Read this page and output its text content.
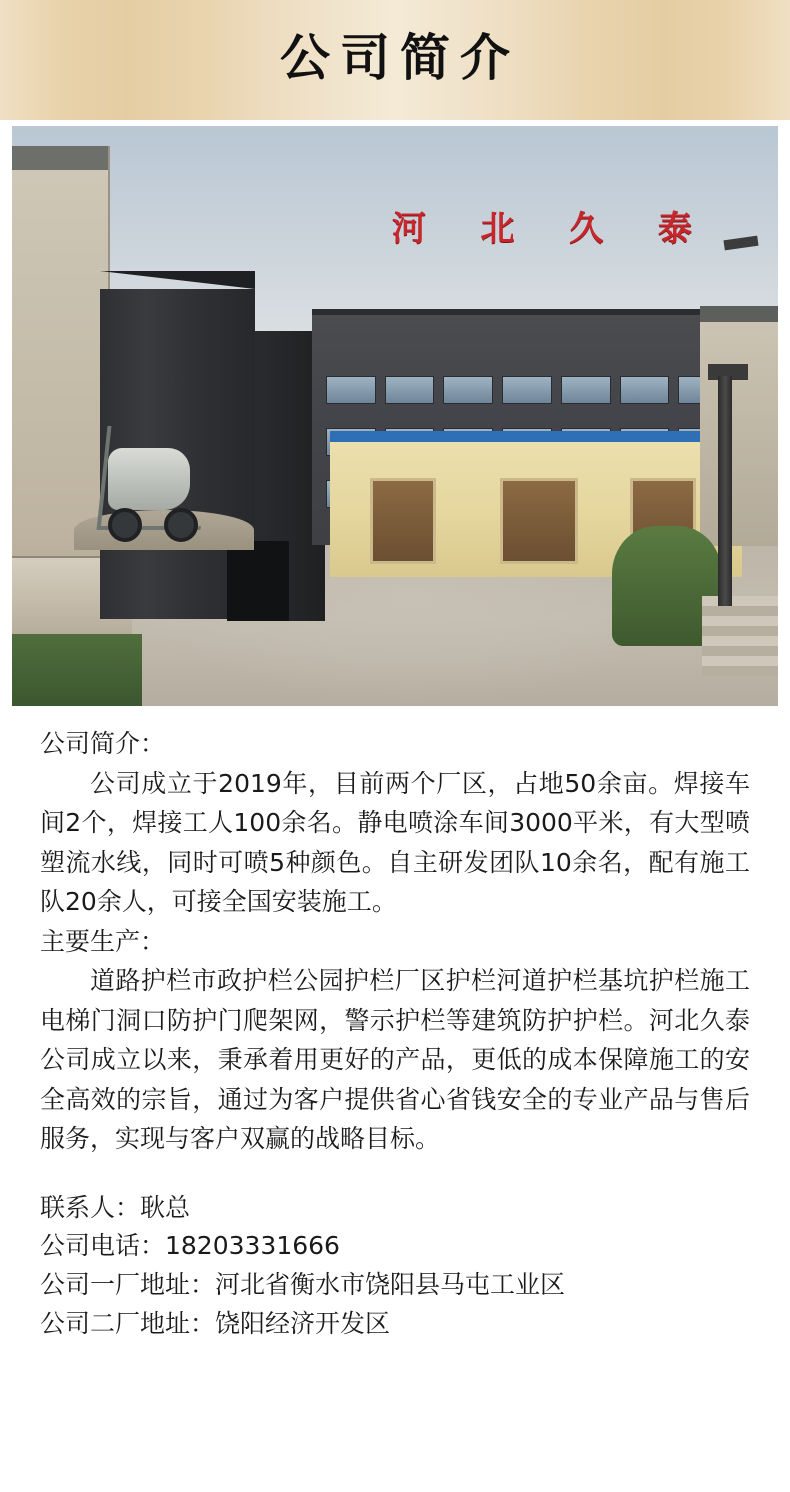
公司简介
河 北 久 泰
公司简介：

公司成立于2019年，目前两个厂区，占地50余亩。焊接车间2个，焊接工人100余名。静电喷涂车间3000平米，有大型喷塑流水线，同时可喷5种颜色。自主研发团队10余名，配有施工队20余人，可接全国安装施工。

主要生产：

道路护栏市政护栏公园护栏厂区护栏河道护栏基坑护栏施工电梯门洞口防护门爬架网，警示护栏等建筑防护护栏。河北久泰公司成立以来，秉承着用更好的产品，更低的成本保障施工的安全高效的宗旨，通过为客户提供省心省钱安全的专业产品与售后服务，实现与客户双赢的战略目标。

联系人：耿总
公司电话：18203331666
公司一厂地址：河北省衡水市饶阳县马屯工业区
公司二厂地址：饶阳经济开发区
